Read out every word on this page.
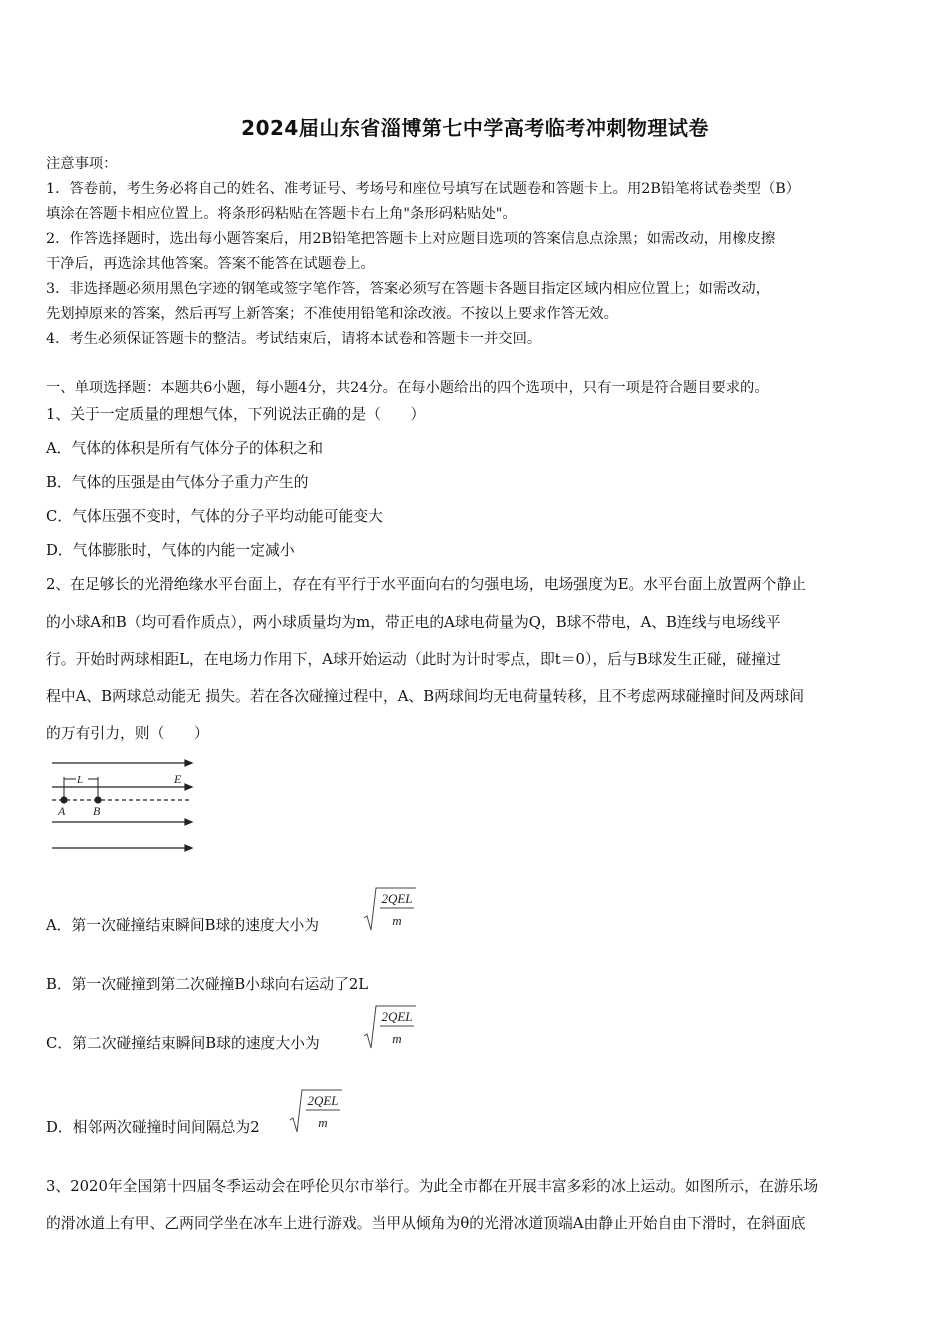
2024届山东省淄博第七中学高考临考冲刺物理试卷
注意事项：
1．答卷前，考生务必将自己的姓名、准考证号、考场号和座位号填写在试题卷和答题卡上。用2B铅笔将试卷类型（B）
填涂在答题卡相应位置上。将条形码粘贴在答题卡右上角"条形码粘贴处"。
2．作答选择题时，选出每小题答案后，用2B铅笔把答题卡上对应题目选项的答案信息点涂黑；如需改动，用橡皮擦
干净后，再选涂其他答案。答案不能答在试题卷上。
3．非选择题必须用黑色字迹的钢笔或签字笔作答，答案必须写在答题卡各题目指定区域内相应位置上；如需改动，
先划掉原来的答案，然后再写上新答案；不准使用铅笔和涂改液。不按以上要求作答无效。
4．考生必须保证答题卡的整洁。考试结束后，请将本试卷和答题卡一并交回。
一、单项选择题：本题共6小题，每小题4分，共24分。在每小题给出的四个选项中，只有一项是符合题目要求的。
1、关于一定质量的理想气体，下列说法正确的是（　　）
A．气体的体积是所有气体分子的体积之和
B．气体的压强是由气体分子重力产生的
C．气体压强不变时，气体的分子平均动能可能变大
D．气体膨胀时，气体的内能一定减小
2、在足够长的光滑绝缘水平台面上，存在有平行于水平面向右的匀强电场，电场强度为E。水平台面上放置两个静止
的小球A和B（均可看作质点），两小球质量均为m，带正电的A球电荷量为Q，B球不带电，A、B连线与电场线平
行。开始时两球相距L，在电场力作用下，A球开始运动（此时为计时零点，即t＝0），后与B球发生正碰，碰撞过
程中A、B两球总动能无 损失。若在各次碰撞过程中，A、B两球间均无电荷量转移，且不考虑两球碰撞时间及两球间
的万有引力，则（　　）
L	E
A B
A．第一次碰撞结束瞬间B球的速度大小为
2QEL
m
B．第一次碰撞到第二次碰撞B小球向右运动了2L
C．第二次碰撞结束瞬间B球的速度大小为
2QEL
m
D．相邻两次碰撞时间间隔总为2
2QEL
m
3、2020年全国第十四届冬季运动会在呼伦贝尔市举行。为此全市都在开展丰富多彩的冰上运动。如图所示，在游乐场
的滑冰道上有甲、乙两同学坐在冰车上进行游戏。当甲从倾角为θ的光滑冰道顶端A由静止开始自由下滑时，在斜面底
